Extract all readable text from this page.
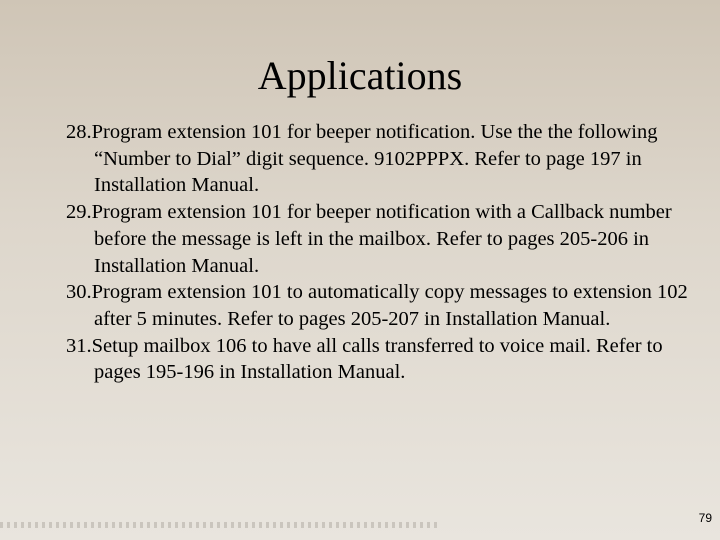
Applications
28.Program extension 101 for beeper notification. Use the the following “Number to Dial” digit sequence. 9102PPPX. Refer to page 197 in Installation Manual.
29.Program extension 101 for beeper notification with a Callback number before the message is left in the mailbox. Refer to pages 205-206 in Installation Manual.
30.Program extension 101 to automatically copy messages to extension 102 after 5 minutes. Refer to pages 205-207 in Installation Manual.
31.Setup mailbox 106 to have all calls transferred to voice mail. Refer to pages 195-196 in Installation Manual.
79
